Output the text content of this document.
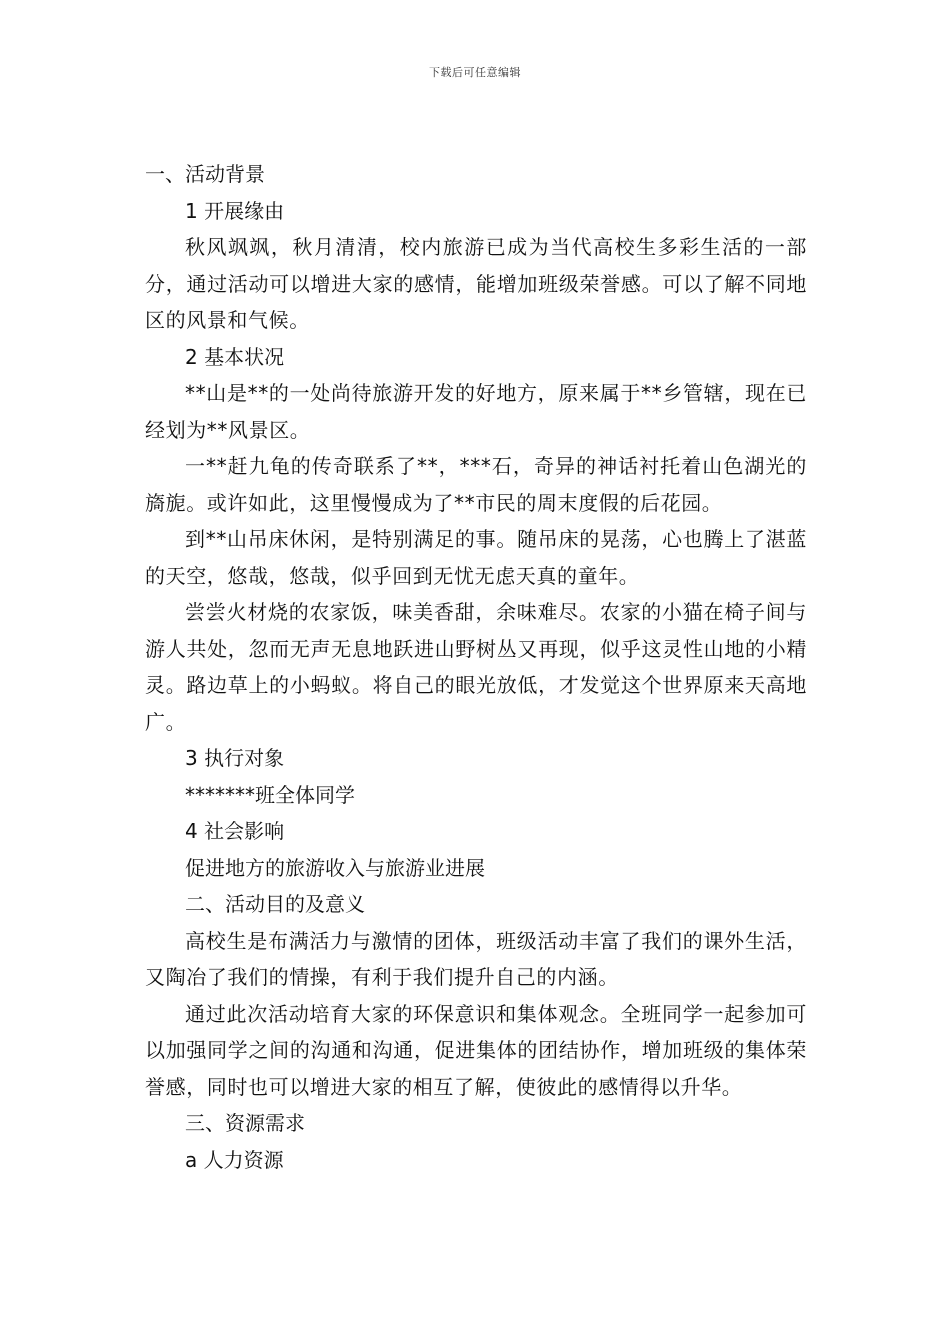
下载后可任意编辑

一、活动背景

1 开展缘由

秋风飒飒，秋月清清，校内旅游已成为当代高校生多彩生活的一部分，通过活动可以增进大家的感情，能增加班级荣誉感。可以了解不同地区的风景和气候。

2 基本状况

**山是**的一处尚待旅游开发的好地方，原来属于**乡管辖，现在已经划为**风景区。

一**赶九龟的传奇联系了**，***石，奇异的神话衬托着山色湖光的旖旎。或许如此，这里慢慢成为了**市民的周末度假的后花园。

到**山吊床休闲，是特别满足的事。随吊床的晃荡，心也腾上了湛蓝的天空，悠哉，悠哉，似乎回到无忧无虑天真的童年。

尝尝火材烧的农家饭，味美香甜，余味难尽。农家的小猫在椅子间与游人共处，忽而无声无息地跃进山野树丛又再现，似乎这灵性山地的小精灵。路边草上的小蚂蚁。将自己的眼光放低，才发觉这个世界原来天高地广。

3 执行对象

*******班全体同学

4 社会影响

促进地方的旅游收入与旅游业进展

二、活动目的及意义

高校生是布满活力与激情的团体，班级活动丰富了我们的课外生活，又陶冶了我们的情操，有利于我们提升自己的内涵。

通过此次活动培育大家的环保意识和集体观念。全班同学一起参加可以加强同学之间的沟通和沟通，促进集体的团结协作，增加班级的集体荣誉感，同时也可以增进大家的相互了解，使彼此的感情得以升华。

三、资源需求

a 人力资源
